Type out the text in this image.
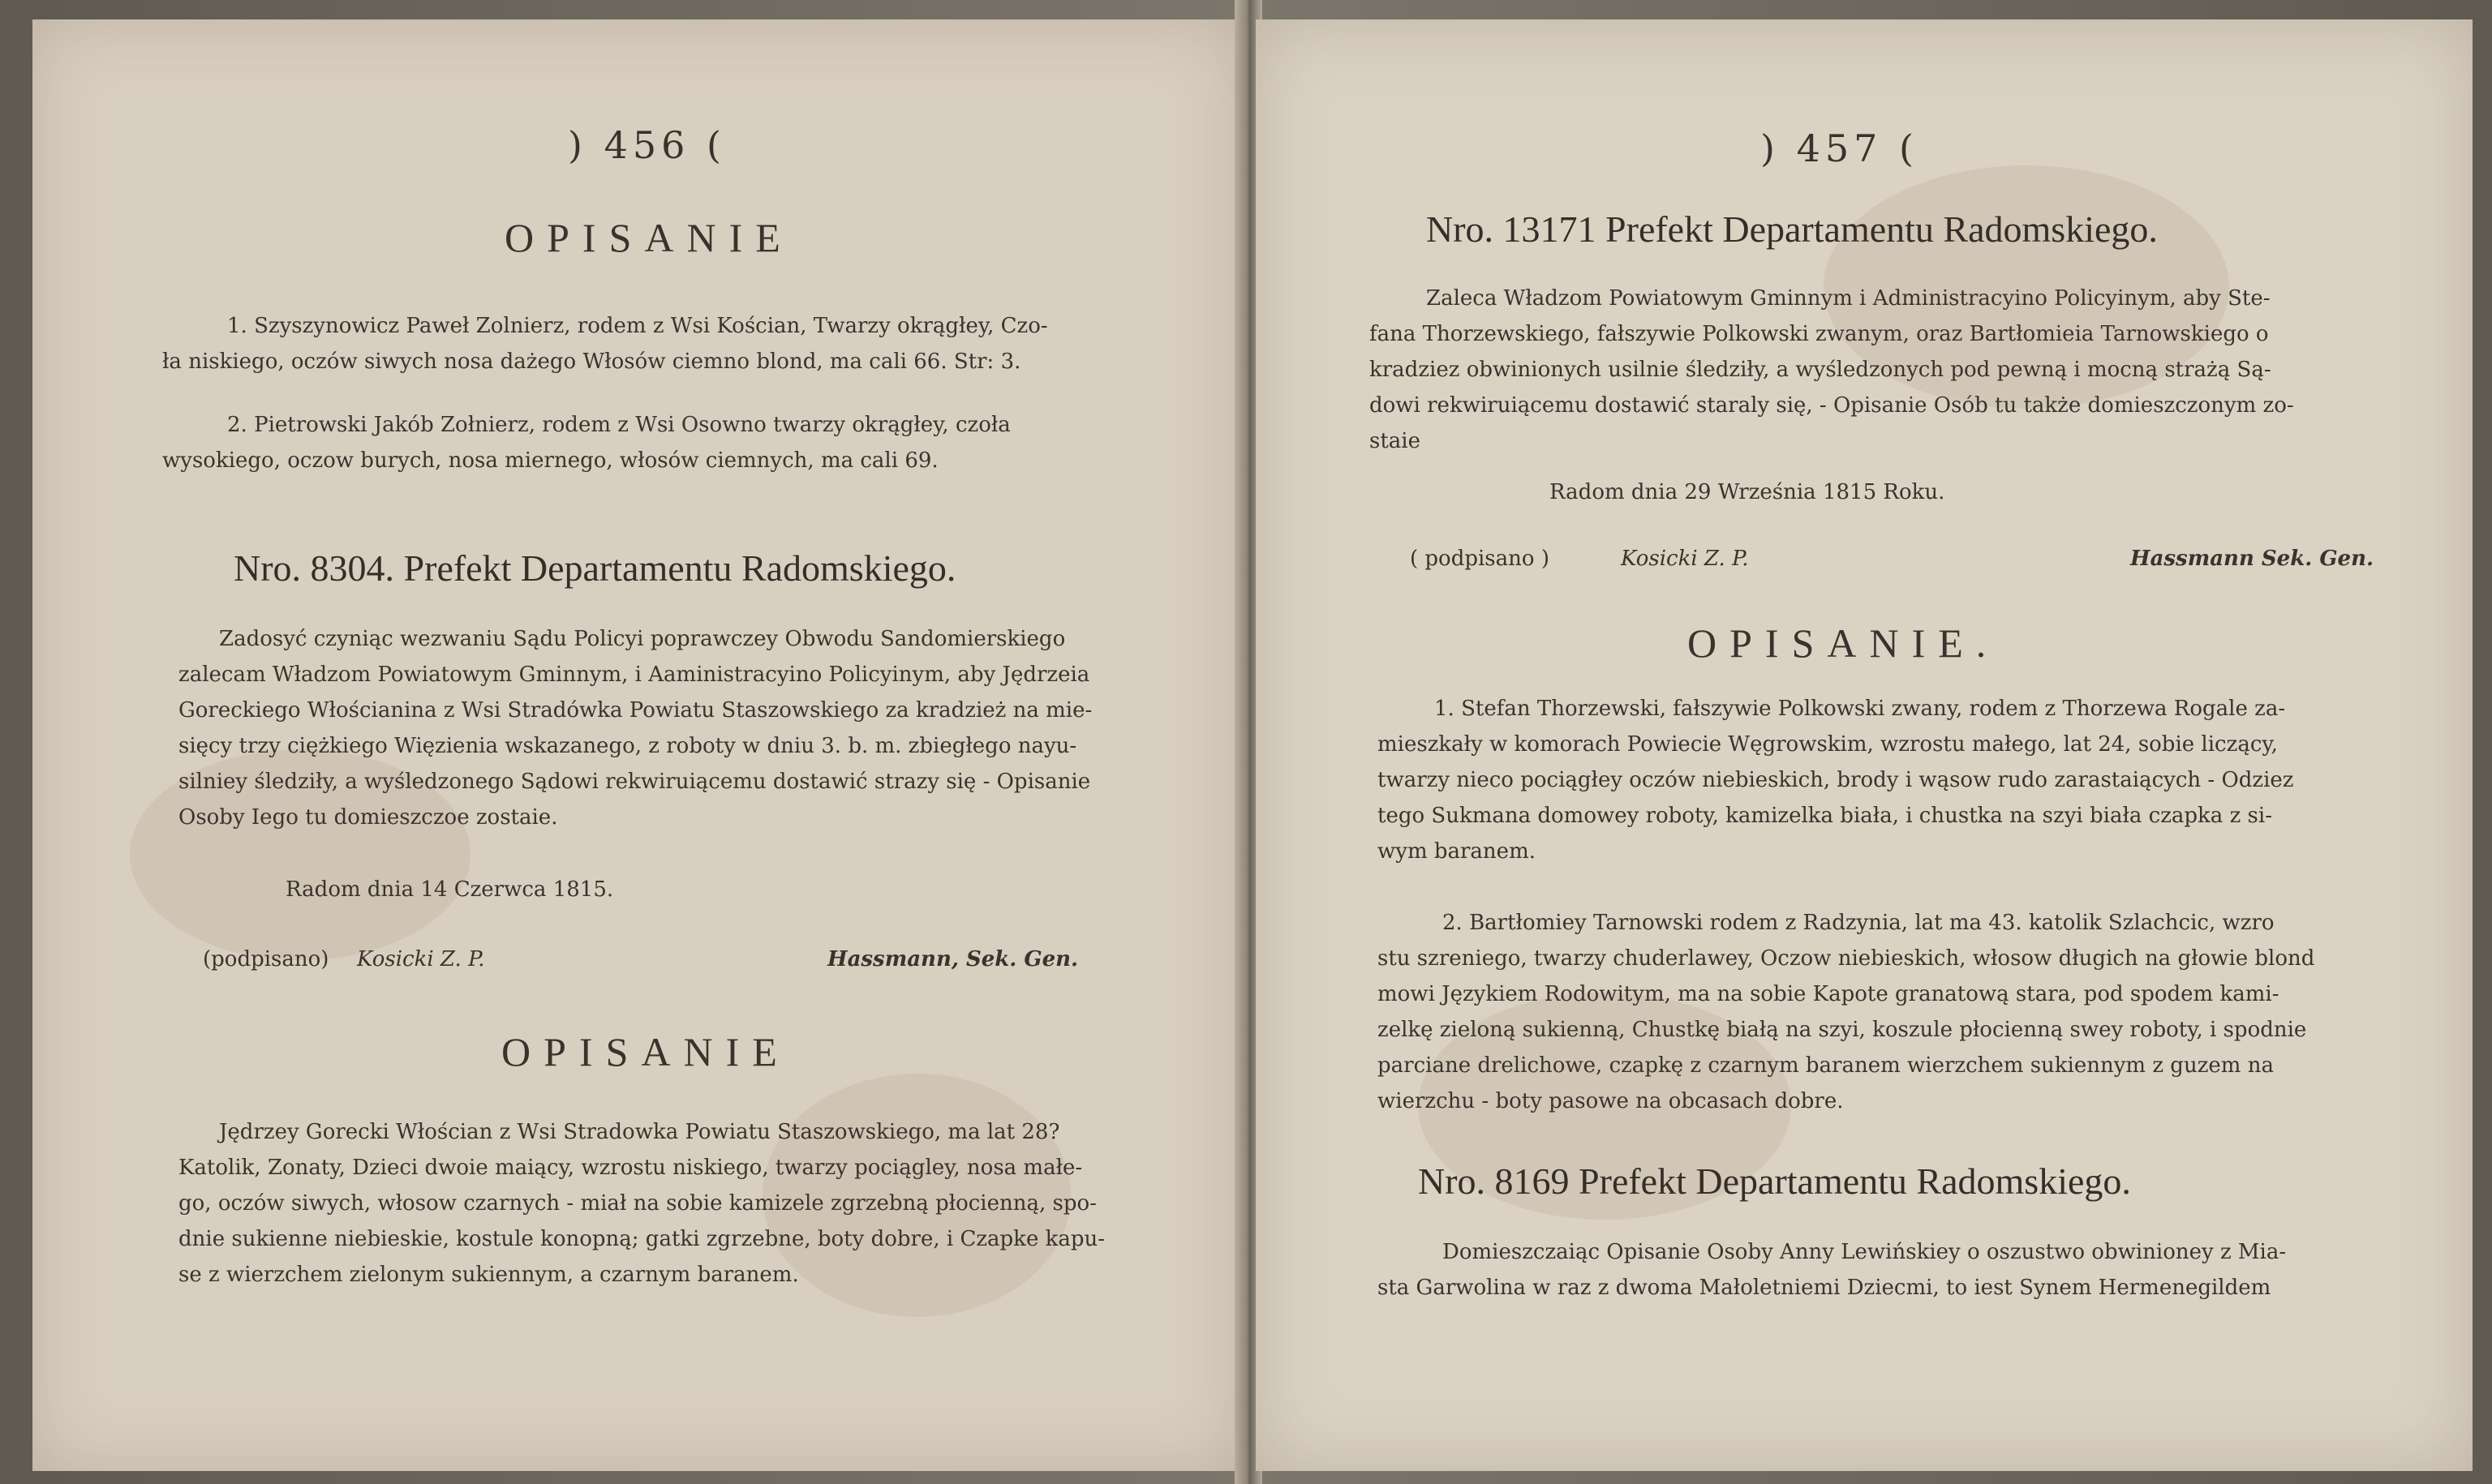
) 456 (
OPISANIE
1. Szyszynowicz Paweł Zolnierz, rodem z Wsi Kościan, Twarzy okrągłey, Czo-
ła niskiego, oczów siwych nosa dażego Włosów ciemno blond, ma cali 66. Str: 3.
2. Pietrowski Jakób Zołnierz, rodem z Wsi Osowno twarzy okrągłey, czoła
wysokiego, oczow burych, nosa miernego, włosów ciemnych, ma cali 69.
Nro. 8304. Prefekt Departamentu Radomskiego.
Zadosyć czyniąc wezwaniu Sądu Policyi poprawczey Obwodu Sandomierskiego
zalecam Władzom Powiatowym Gminnym, i Aaministracyino Policyinym, aby Jędrzeia
Goreckiego Włościanina z Wsi Stradówka Powiatu Staszowskiego za kradzież na mie-
sięcy trzy ciężkiego Więzienia wskazanego, z roboty w dniu 3. b. m. zbiegłego nayu-
silniey śledziły, a wyśledzonego Sądowi rekwiruiącemu dostawić strazy się - Opisanie
Osoby Iego tu domieszczoe zostaie.
Radom dnia 14 Czerwca 1815.
(podpisano) Kosicki Z. P.	Hassmann, Sek. Gen.
OPISANIE
Jędrzey Gorecki Włościan z Wsi Stradowka Powiatu Staszowskiego, ma lat 28?
Katolik, Zonaty, Dzieci dwoie maiący, wzrostu niskiego, twarzy pociągley, nosa małe-
go, oczów siwych, włosow czarnych - miał na sobie kamizele zgrzebną płocienną, spo-
dnie sukienne niebieskie, kostule konopną; gatki zgrzebne, boty dobre, i Czapke kapu-
se z wierzchem zielonym sukiennym, a czarnym baranem.
) 457 (
Nro. 13171 Prefekt Departamentu Radomskiego.
Zaleca Władzom Powiatowym Gminnym i Administracyino Policyinym, aby Ste-
fana Thorzewskiego, fałszywie Polkowski zwanym, oraz Bartłomieia Tarnowskiego o
kradziez obwinionych usilnie śledziły, a wyśledzonych pod pewną i mocną strażą Są-
dowi rekwiruiącemu dostawić staraly się, - Opisanie Osób tu także domieszczonym zo-
staie
Radom dnia 29 Września 1815 Roku.
( podpisano )	Kosicki Z. P.	Hassmann Sek. Gen.
OPISANIE.
1. Stefan Thorzewski, fałszywie Polkowski zwany, rodem z Thorzewa Rogale za-
mieszkały w komorach Powiecie Węgrowskim, wzrostu małego, lat 24, sobie liczący,
twarzy nieco pociągłey oczów niebieskich, brody i wąsow rudo zarastaiących - Odziez
tego Sukmana domowey roboty, kamizelka biała, i chustka na szyi biała czapka z si-
wym baranem.
2. Bartłomiey Tarnowski rodem z Radzynia, lat ma 43. katolik Szlachcic, wzro
stu szreniego, twarzy chuderlawey, Oczow niebieskich, włosow długich na głowie blond
mowi Językiem Rodowitym, ma na sobie Kapote granatową stara, pod spodem kami-
zelkę zieloną sukienną, Chustkę białą na szyi, koszule płocienną swey roboty, i spodnie
parciane drelichowe, czapkę z czarnym baranem wierzchem sukiennym z guzem na
wierzchu - boty pasowe na obcasach dobre.
Nro. 8169 Prefekt Departamentu Radomskiego.
Domieszczaiąc Opisanie Osoby Anny Lewińskiey o oszustwo obwinioney z Mia-
sta Garwolina w raz z dwoma Małoletniemi Dziecmi, to iest Synem Hermenegildem
